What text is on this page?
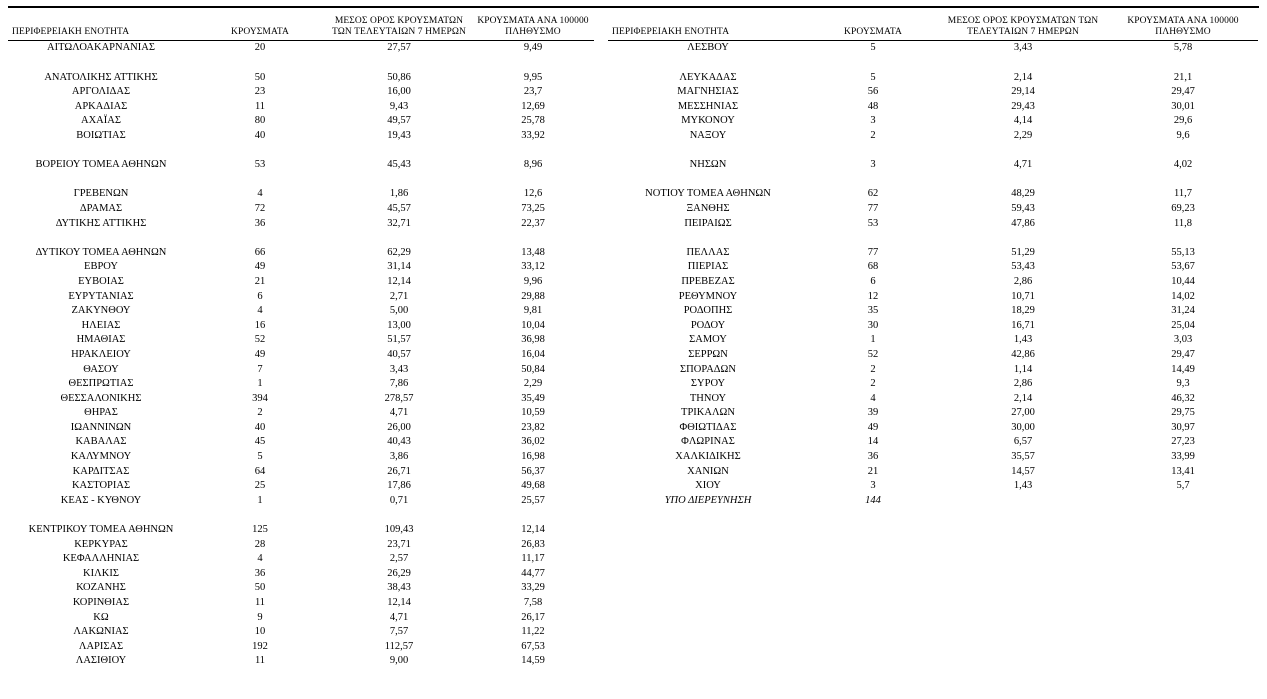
ΠΕΡΙΦΕΡΕΙΑΚΗ ΕΝΟΤΗΤΑ	ΚΡΟΥΣΜΑΤΑ	ΜΕΣΟΣ ΟΡΟΣ ΚΡΟΥΣΜΑΤΩΝ ΤΩΝ ΤΕΛΕΥΤΑΙΩΝ 7 ΗΜΕΡΩΝ	ΚΡΟΥΣΜΑΤΑ ΑΝΑ 100000 ΠΛΗΘΥΣΜΟ
ΑΙΤΩΛΟΑΚΑΡΝΑΝΙΑΣ	20	27,57	9,49

ΑΝΑΤΟΛΙΚΗΣ ΑΤΤΙΚΗΣ	50	50,86	9,95
ΑΡΓΟΛΙΔΑΣ	23	16,00	23,7
ΑΡΚΑΔΙΑΣ	11	9,43	12,69
ΑΧΑΪΑΣ	80	49,57	25,78
ΒΟΙΩΤΙΑΣ	40	19,43	33,92

ΒΟΡΕΙΟΥ ΤΟΜΕΑ ΑΘΗΝΩΝ	53	45,43	8,96

ΓΡΕΒΕΝΩΝ	4	1,86	12,6
ΔΡΑΜΑΣ	72	45,57	73,25
ΔΥΤΙΚΗΣ ΑΤΤΙΚΗΣ	36	32,71	22,37

ΔΥΤΙΚΟΥ ΤΟΜΕΑ ΑΘΗΝΩΝ	66	62,29	13,48
ΕΒΡΟΥ	49	31,14	33,12
ΕΥΒΟΙΑΣ	21	12,14	9,96
ΕΥΡΥΤΑΝΙΑΣ	6	2,71	29,88
ΖΑΚΥΝΘΟΥ	4	5,00	9,81
ΗΛΕΙΑΣ	16	13,00	10,04
ΗΜΑΘΙΑΣ	52	51,57	36,98
ΗΡΑΚΛΕΙΟΥ	49	40,57	16,04
ΘΑΣΟΥ	7	3,43	50,84
ΘΕΣΠΡΩΤΙΑΣ	1	7,86	2,29
ΘΕΣΣΑΛΟΝΙΚΗΣ	394	278,57	35,49
ΘΗΡΑΣ	2	4,71	10,59
ΙΩΑΝΝΙΝΩΝ	40	26,00	23,82
ΚΑΒΑΛΑΣ	45	40,43	36,02
ΚΑΛΥΜΝΟΥ	5	3,86	16,98
ΚΑΡΔΙΤΣΑΣ	64	26,71	56,37
ΚΑΣΤΟΡΙΑΣ	25	17,86	49,68
ΚΕΑΣ - ΚΥΘΝΟΥ	1	0,71	25,57

ΚΕΝΤΡΙΚΟΥ ΤΟΜΕΑ ΑΘΗΝΩΝ	125	109,43	12,14
ΚΕΡΚΥΡΑΣ	28	23,71	26,83
ΚΕΦΑΛΛΗΝΙΑΣ	4	2,57	11,17
ΚΙΛΚΙΣ	36	26,29	44,77
ΚΟΖΑΝΗΣ	50	38,43	33,29
ΚΟΡΙΝΘΙΑΣ	11	12,14	7,58
ΚΩ	9	4,71	26,17
ΛΑΚΩΝΙΑΣ	10	7,57	11,22
ΛΑΡΙΣΑΣ	192	112,57	67,53
ΛΑΣΙΘΙΟΥ	11	9,00	14,59
ΠΕΡΙΦΕΡΕΙΑΚΗ ΕΝΟΤΗΤΑ	ΚΡΟΥΣΜΑΤΑ	ΜΕΣΟΣ ΟΡΟΣ ΚΡΟΥΣΜΑΤΩΝ ΤΩΝ ΤΕΛΕΥΤΑΙΩΝ 7 ΗΜΕΡΩΝ	ΚΡΟΥΣΜΑΤΑ ΑΝΑ 100000 ΠΛΗΘΥΣΜΟ
ΛΕΣΒΟΥ	5	3,43	5,78

ΛΕΥΚΑΔΑΣ	5	2,14	21,1
ΜΑΓΝΗΣΙΑΣ	56	29,14	29,47
ΜΕΣΣΗΝΙΑΣ	48	29,43	30,01
ΜΥΚΟΝΟΥ	3	4,14	29,6
ΝΑΞΟΥ	2	2,29	9,6

ΝΗΣΩΝ	3	4,71	4,02

ΝΟΤΙΟΥ ΤΟΜΕΑ ΑΘΗΝΩΝ	62	48,29	11,7
ΞΑΝΘΗΣ	77	59,43	69,23
ΠΕΙΡΑΙΩΣ	53	47,86	11,8

ΠΕΛΛΑΣ	77	51,29	55,13
ΠΙΕΡΙΑΣ	68	53,43	53,67
ΠΡΕΒΕΖΑΣ	6	2,86	10,44
ΡΕΘΥΜΝΟΥ	12	10,71	14,02
ΡΟΔΟΠΗΣ	35	18,29	31,24
ΡΟΔΟΥ	30	16,71	25,04
ΣΑΜΟΥ	1	1,43	3,03
ΣΕΡΡΩΝ	52	42,86	29,47
ΣΠΟΡΑΔΩΝ	2	1,14	14,49
ΣΥΡΟΥ	2	2,86	9,3
ΤΗΝΟΥ	4	2,14	46,32
ΤΡΙΚΑΛΩΝ	39	27,00	29,75
ΦΘΙΩΤΙΔΑΣ	49	30,00	30,97
ΦΛΩΡΙΝΑΣ	14	6,57	27,23
ΧΑΛΚΙΔΙΚΗΣ	36	35,57	33,99
ΧΑΝΙΩΝ	21	14,57	13,41
ΧΙΟΥ	3	1,43	5,7
ΥΠΟ ΔΙΕΡΕΥΝΗΣΗ	144		
